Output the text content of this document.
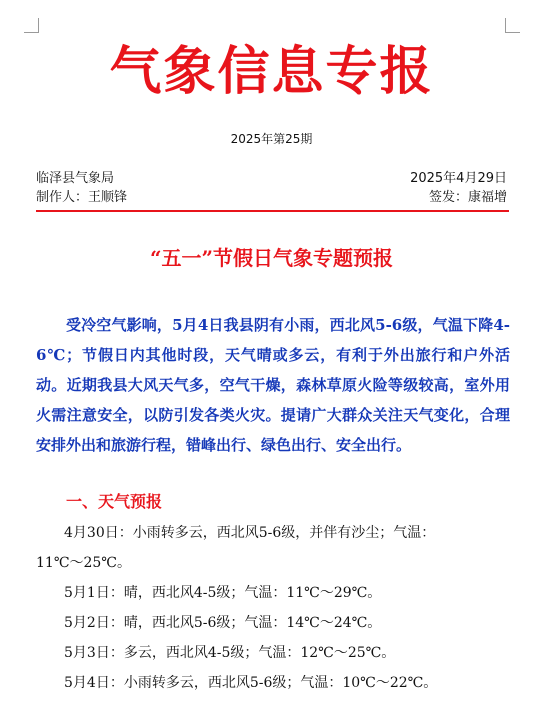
气象信息专报
2025年第25期
临泽县气象局	2025年4月29日
制作人：王顺锋	签发：康福增
“五一”节假日气象专题预报

受冷空气影响，5月4日我县阴有小雨，西北风5-6级，气温下降4-6℃；节假日内其他时段，天气晴或多云，有利于外出旅行和户外活动。近期我县大风天气多，空气干燥，森林草原火险等级较高，室外用火需注意安全，以防引发各类火灾。提请广大群众关注天气变化，合理安排外出和旅游行程，错峰出行、绿色出行、安全出行。

一、天气预报
4月30日：小雨转多云，西北风5-6级，并伴有沙尘；气温：
11℃～25℃。
5月1日：晴，西北风4-5级；气温：11℃～29℃。
5月2日：晴，西北风5-6级；气温：14℃～24℃。
5月3日：多云，西北风4-5级；气温：12℃～25℃。
5月4日：小雨转多云，西北风5-6级；气温：10℃～22℃。
